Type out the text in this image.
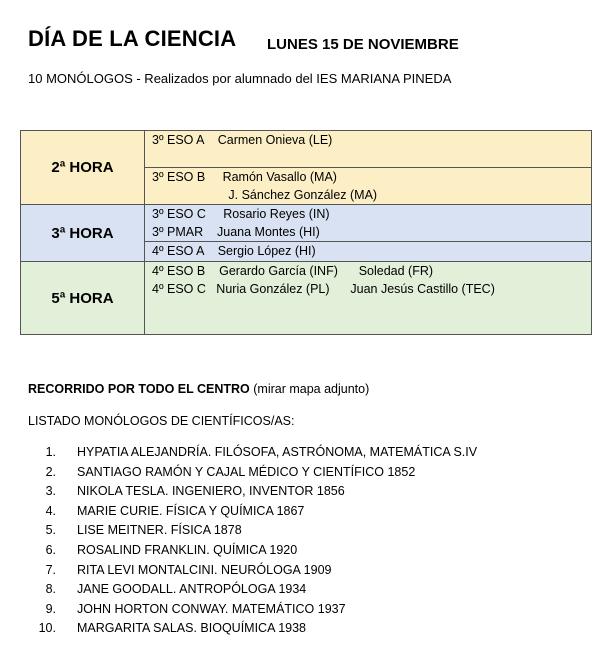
DÍA DE LA CIENCIA LUNES 15 DE NOVIEMBRE
10 MONÓLOGOS - Realizados por alumnado del IES MARIANA PINEDA
2ª HORA	3º ESO A    Carmen Onieva (LE)

	3º ESO B     Ramón Vasallo (MA)
J. Sánchez González (MA)

3ª HORA	3º ESO C     Rosario Reyes (IN)
3º PMAR    Juana Montes (HI)

	4º ESO A    Sergio López (HI)

5ª HORA	4º ESO B    Gerardo García (INF)      Soledad (FR)
4º ESO C   Nuria González (PL)      Juan Jesús Castillo (TEC)
RECORRIDO POR TODO EL CENTRO (mirar mapa adjunto)
LISTADO MONÓLOGOS DE CIENTÍFICOS/AS:
1. HYPATIA ALEJANDRÍA. FILÓSOFA, ASTRÓNOMA, MATEMÁTICA S.IV
2. SANTIAGO RAMÓN Y CAJAL MÉDICO Y CIENTÍFICO 1852
3. NIKOLA TESLA. INGENIERO, INVENTOR 1856
4. MARIE CURIE. FÍSICA Y QUÍMICA 1867
5. LISE MEITNER. FÍSICA 1878
6. ROSALIND FRANKLIN. QUÍMICA 1920
7. RITA LEVI MONTALCINI. NEURÓLOGA 1909
8. JANE GOODALL. ANTROPÓLOGA 1934
9. JOHN HORTON CONWAY. MATEMÁTICO 1937
10. MARGARITA SALAS. BIOQUÍMICA 1938
